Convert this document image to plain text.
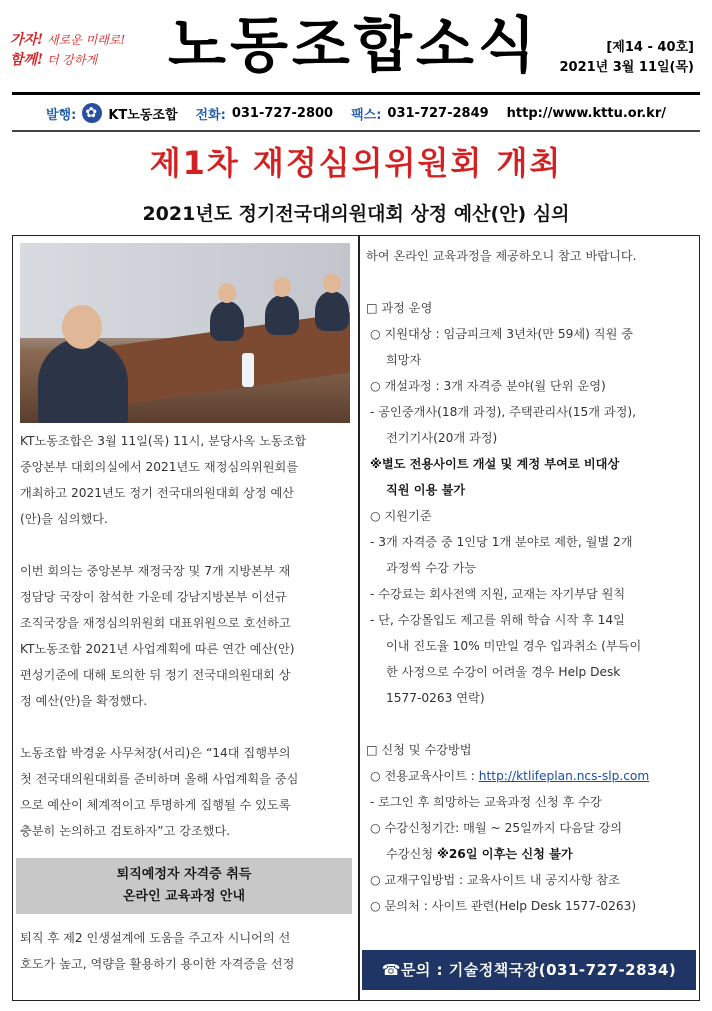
가자! 새로운 미래로!
함께! 더 강하게	노동조합소식	[제14 - 40호]
2021년 3월 11일(목)
발행:
✿ KT노동조합 전화: 031-727-2800 팩스: 031-727-2849 http://www.kttu.or.kr/
제1차 재정심의위원회 개최
2021년도 정기전국대의원대회 상정 예산(안) 심의
KT노동조합은 3월 11일(목) 11시, 분당사옥 노동조합
중앙본부 대회의실에서 2021년도 재정심의위원회를
개최하고 2021년도 정기 전국대의원대회 상정 예산
(안)을 심의했다.
이번 회의는 중앙본부 재정국장 및 7개 지방본부 재
정담당 국장이 참석한 가운데 강남지방본부 이선규
조직국장을 재정심의위원회 대표위원으로 호선하고
KT노동조합 2021년 사업계획에 따른 연간 예산(안)
편성기준에 대해 토의한 뒤 정기 전국대의원대회 상
정 예산(안)을 확정했다.
노동조합 박경윤 사무처장(서리)은 “14대 집행부의
첫 전국대의원대회를 준비하며 올해 사업계획을 중심
으로 예산이 체계적이고 투명하게 집행될 수 있도록
충분히 논의하고 검토하자”고 강조했다.
퇴직예정자 자격증 취득
온라인 교육과정 안내
퇴직 후 제2 인생설계에 도움을 주고자 시니어의 선
호도가 높고, 역량을 활용하기 용이한 자격증을 선정
하여 온라인 교육과정을 제공하오니 참고 바랍니다.
□ 과정 운영
○ 지원대상 : 임금피크제 3년차(만 59세) 직원 중
희망자
○ 개설과정 : 3개 자격증 분야(월 단위 운영)
- 공인중개사(18개 과정), 주택관리사(15개 과정),
전기기사(20개 과정)
※별도 전용사이트 개설 및 계정 부여로 비대상
직원 이용 불가
○ 지원기준
- 3개 자격증 중 1인당 1개 분야로 제한, 월별 2개
과정씩 수강 가능
- 수강료는 회사전액 지원, 교재는 자기부담 원칙
- 단, 수강몰입도 제고를 위해 학습 시작 후 14일
이내 진도율 10% 미만일 경우 입과취소 (부득이
한 사정으로 수강이 어려울 경우 Help Desk
1577-0263 연락)
□ 신청 및 수강방법
○ 전용교육사이트 : http://ktlifeplan.ncs-slp.com
- 로그인 후 희망하는 교육과정 신청 후 수강
○ 수강신청기간: 매월 ~ 25일까지 다음달 강의
수강신청 ※26일 이후는 신청 불가
○ 교재구입방법 : 교육사이트 내 공지사항 참조
○ 문의처 : 사이트 관련(Help Desk 1577-0263)
☎문의 : 기술정책국장(031-727-2834)
